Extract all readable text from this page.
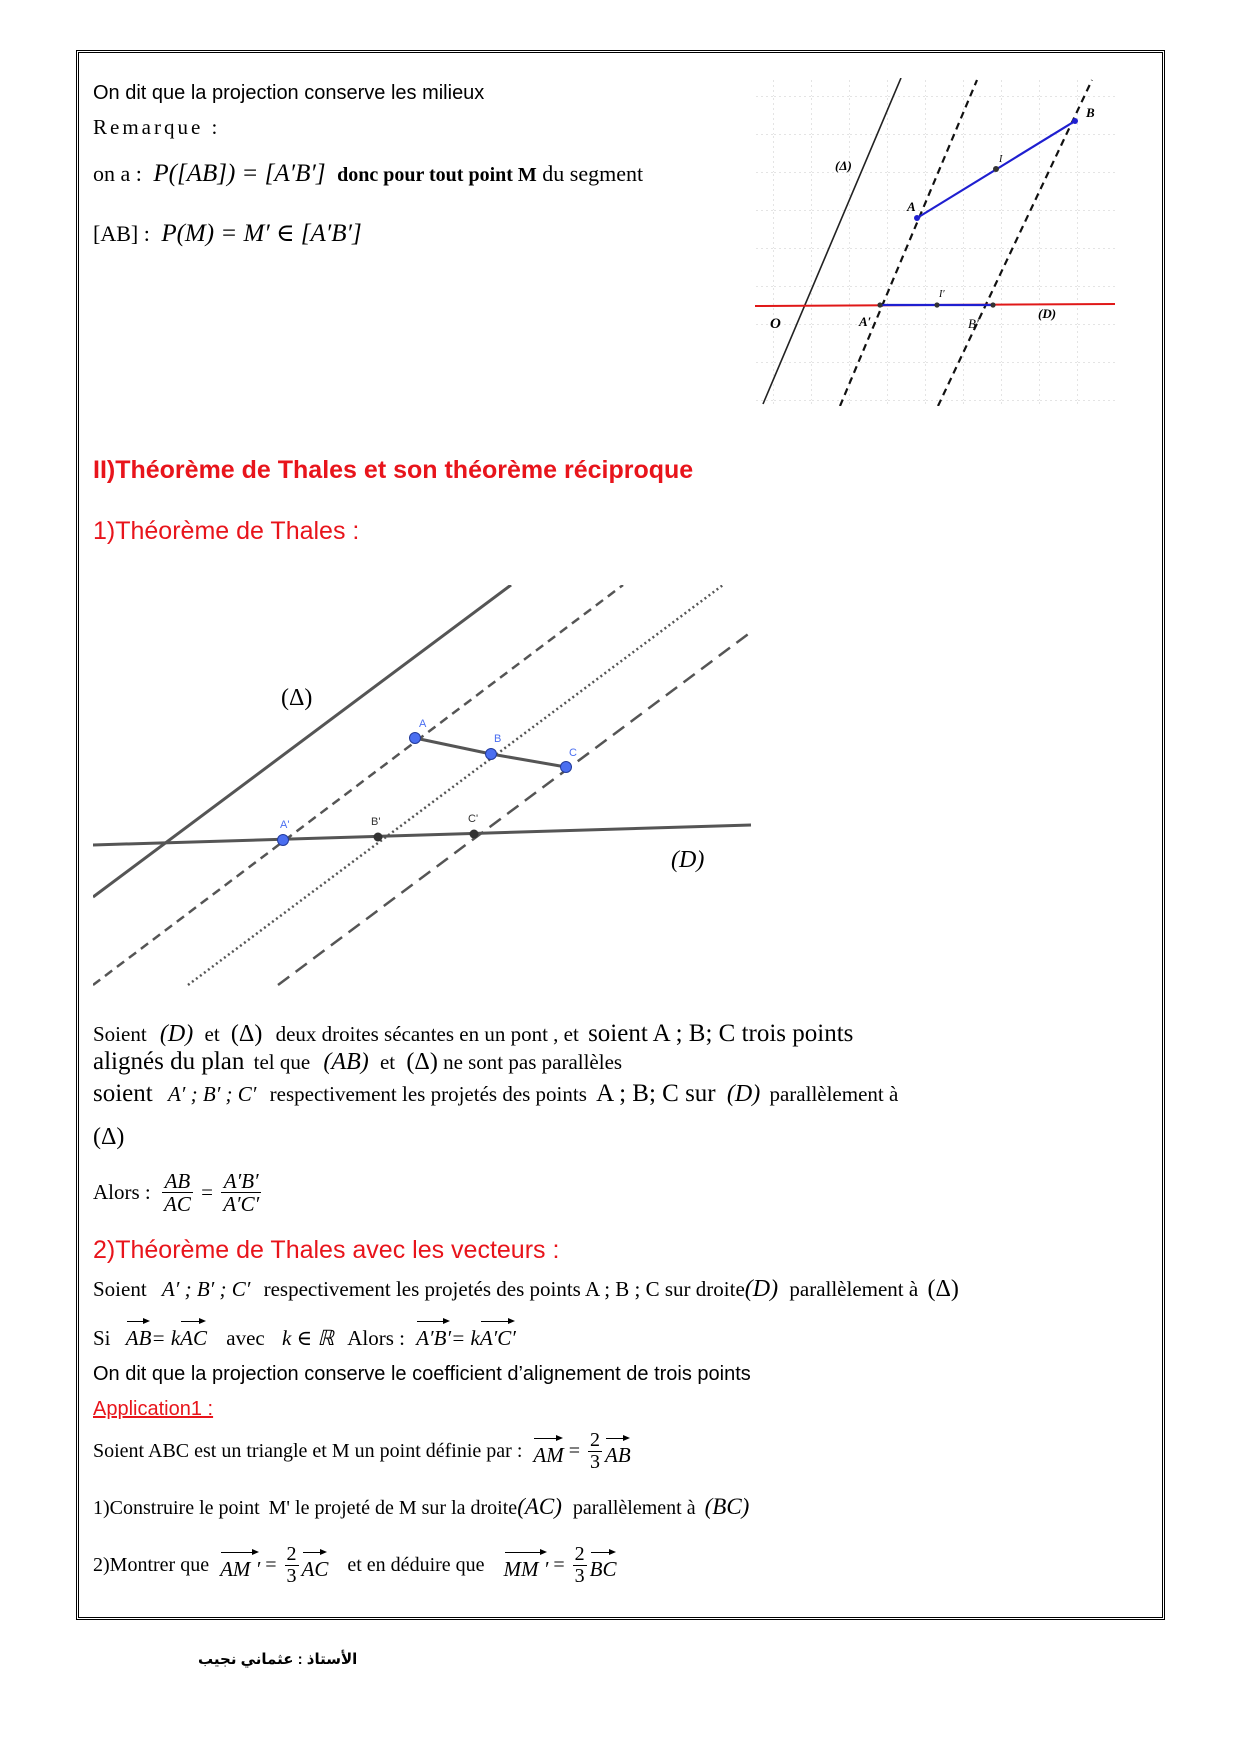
On dit que la projection conserve les milieux
Remarque :
on a : P([AB]) = [A′B′] donc pour tout point M du segment
[AB] : P(M) = M′ ∈ [A′B′]
(Δ)
A
B
I
O	A′
I′
B′
(D)
II)Théorème de Thales et son théorème réciproque
1)Théorème de Thales :
A
B
C
A'	B'	C'
(Δ)
(D)
Soient (D) et (Δ) deux droites sécantes en un pont , et soient A ; B; C trois points
alignés du plan tel que (AB) et (Δ) ne sont pas parallèles
soient A′ ; B′ ; C′ respectivement les projetés des points A ; B; C sur (D) parallèlement à
(Δ)
Alors : $\frac{AB}{AC} = \frac{A'B'}{A'C'}$
2)Théorème de Thales avec les vecteurs :
Soient A′ ; B′ ; C′ respectivement les projetés des points A ; B ; C sur droite(D) parallèlement à (Δ)
Si AB= kAC avec k ∈ ℝ Alors : A′B′= kA′C′
On dit que la projection conserve le coefficient d’alignement de trois points
Application1 :
Soient ABC est un triangle et M un point définie par : AM = $\frac{2}{3}$ AB
1)Construire le point M' le projeté de M sur la droite(AC) parallèlement à (BC)
2)Montrer que AM ′ = $\frac{2}{3}$ AC et en déduire que MM ′ = $\frac{2}{3}$ BC
الأستاذ : عثماني نجيب
